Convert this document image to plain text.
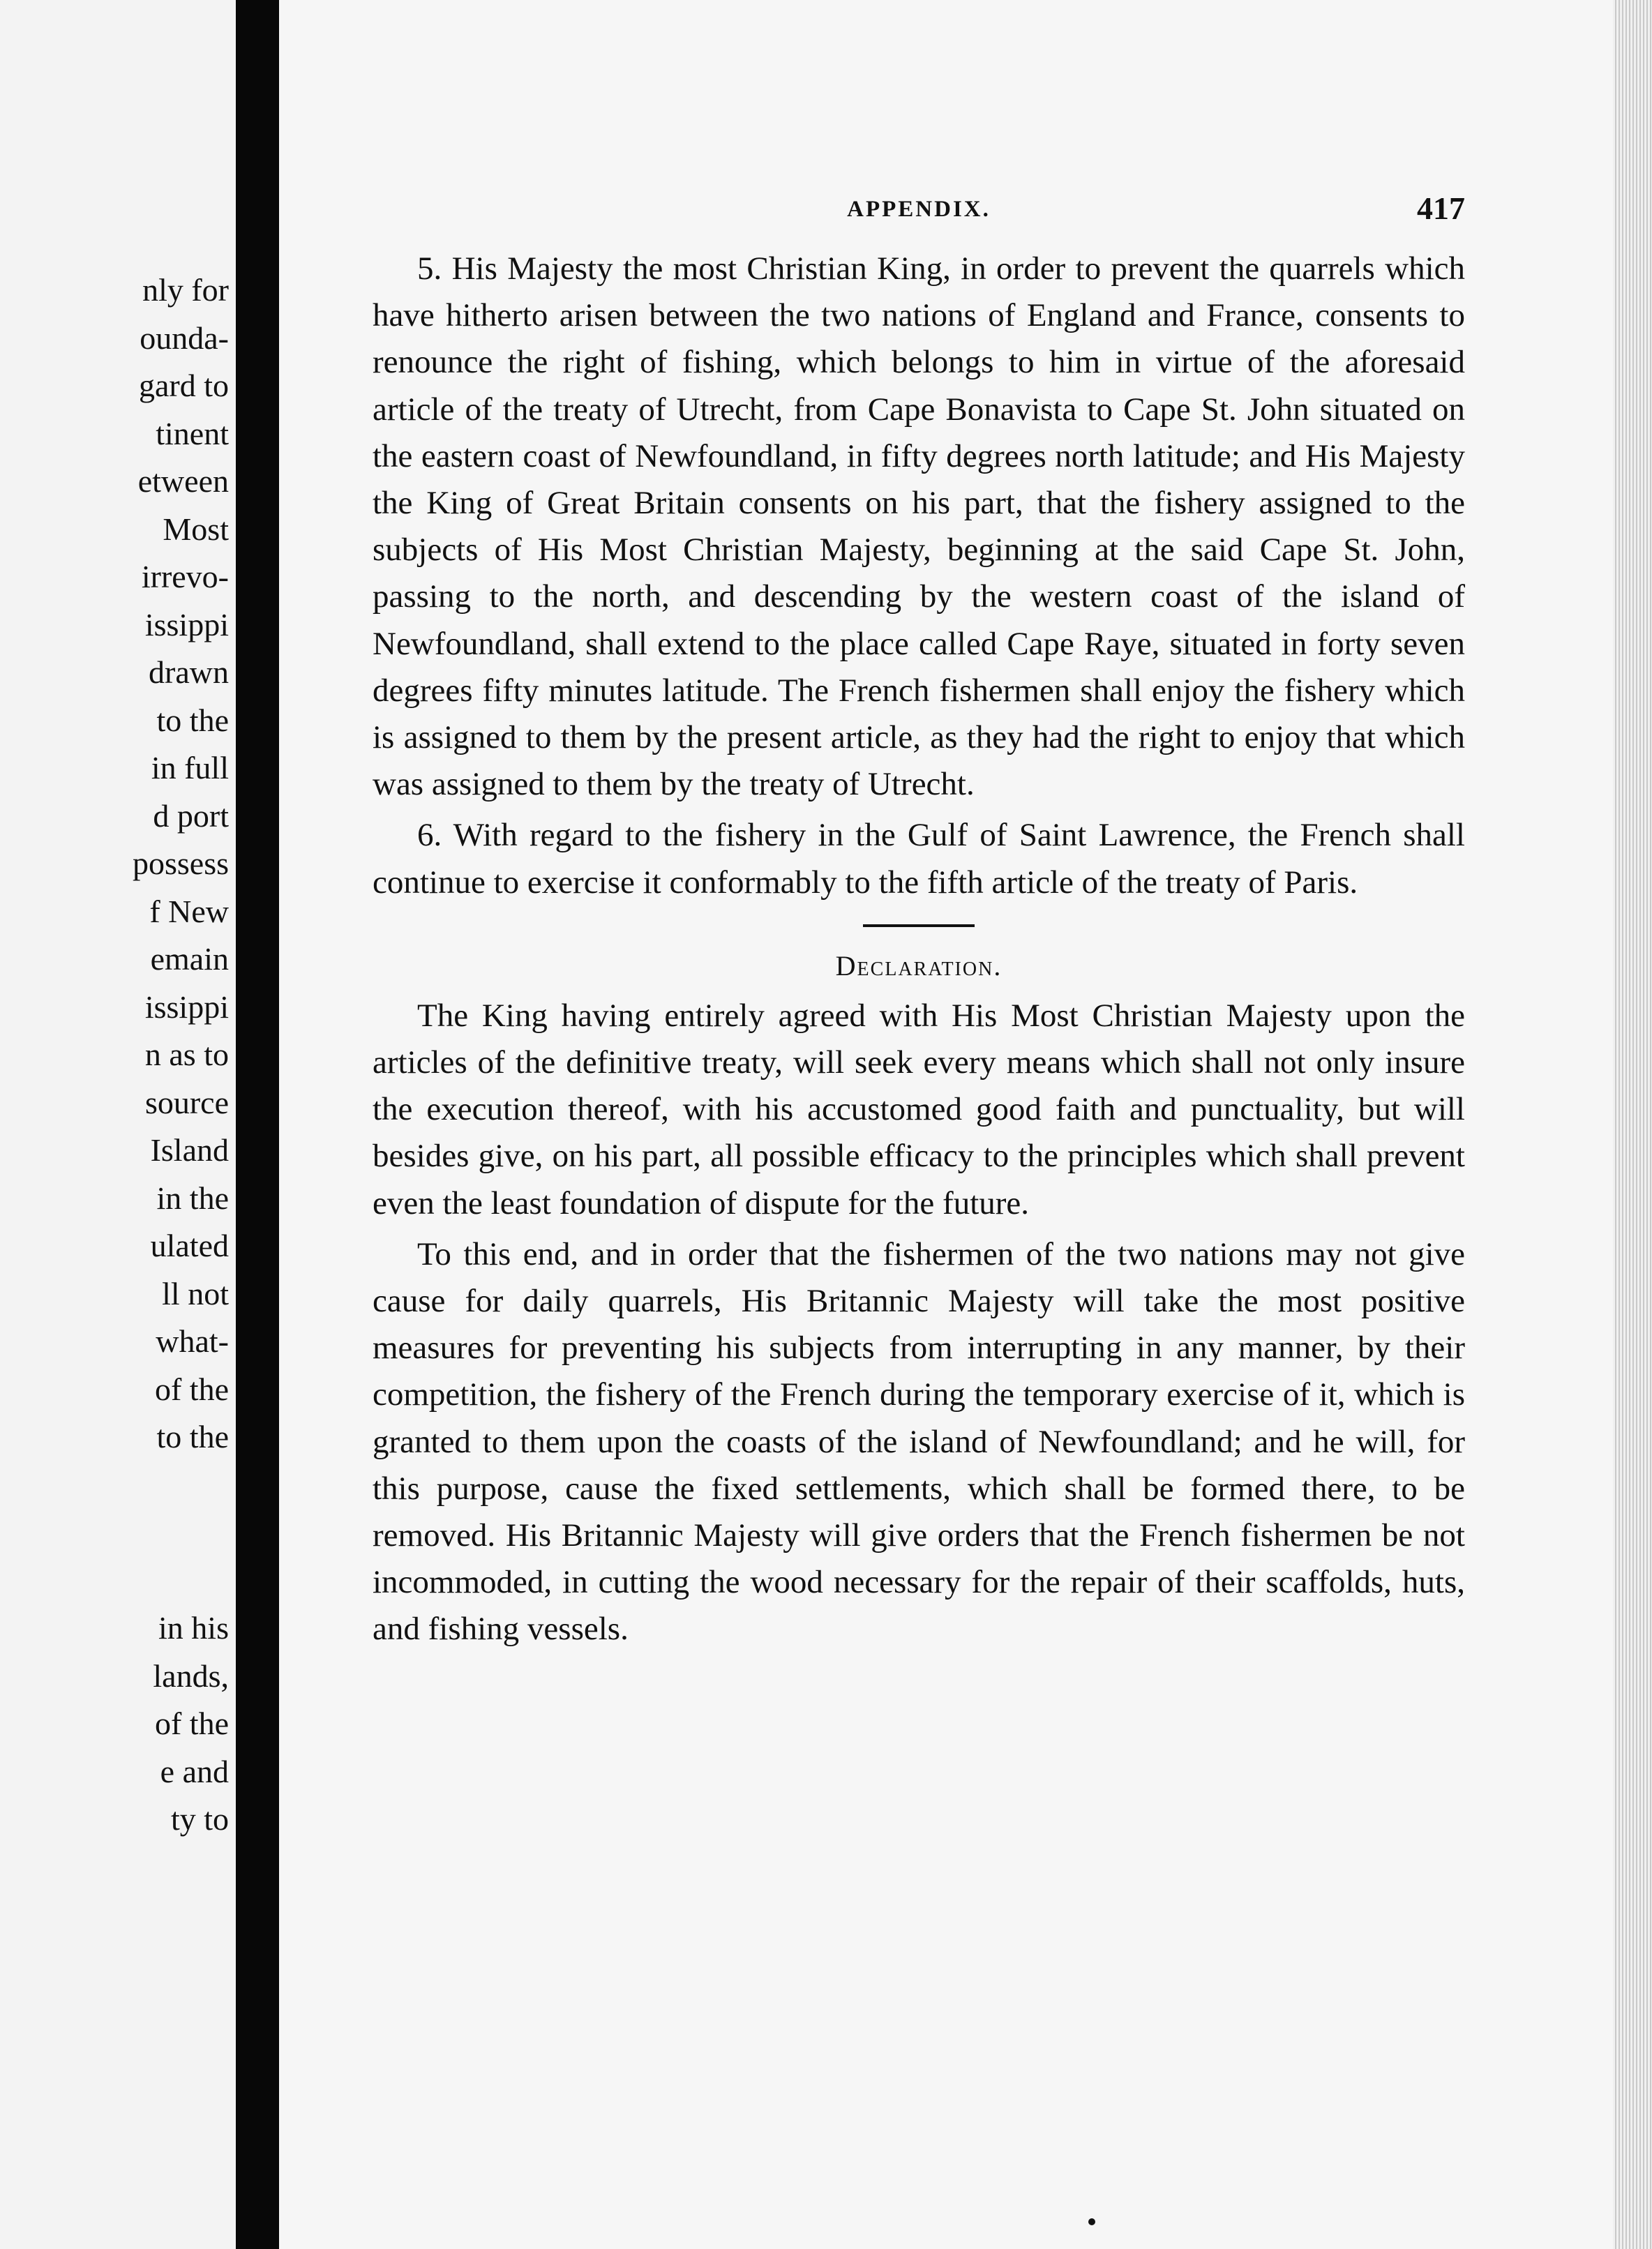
nly for
ounda-
gard to
tinent
etween
Most
irrevo-
issippi
drawn
to the
in full
d port
possess
f New
emain
issippi
n as to
source
Island
in the
ulated
ll not
what-
of the
to the
in his
lands,
of the
e and
ty to
APPENDIX.	417

5. His Majesty the most Christian King, in order to prevent the quarrels which have hitherto arisen between the two nations of England and France, consents to renounce the right of fishing, which belongs to him in virtue of the aforesaid article of the treaty of Utrecht, from Cape Bonavista to Cape St. John situated on the eastern coast of Newfoundland, in fifty degrees north latitude; and His Majesty the King of Great Britain consents on his part, that the fishery assigned to the subjects of His Most Christian Majesty, beginning at the said Cape St. John, passing to the north, and descending by the western coast of the island of Newfoundland, shall extend to the place called Cape Raye, situated in forty seven degrees fifty minutes latitude. The French fishermen shall enjoy the fishery which is assigned to them by the present article, as they had the right to enjoy that which was assigned to them by the treaty of Utrecht.

6. With regard to the fishery in the Gulf of Saint Lawrence, the French shall continue to exercise it conformably to the fifth article of the treaty of Paris.

Declaration.

The King having entirely agreed with His Most Christian Majesty upon the articles of the definitive treaty, will seek every means which shall not only insure the execution thereof, with his accustomed good faith and punctuality, but will besides give, on his part, all possible efficacy to the principles which shall prevent even the least foundation of dispute for the future.

To this end, and in order that the fishermen of the two nations may not give cause for daily quarrels, His Britannic Majesty will take the most positive measures for preventing his subjects from interrupting in any manner, by their competition, the fishery of the French during the temporary exercise of it, which is granted to them upon the coasts of the island of Newfoundland; and he will, for this purpose, cause the fixed settlements, which shall be formed there, to be removed. His Britannic Majesty will give orders that the French fishermen be not incommoded, in cutting the wood necessary for the repair of their scaffolds, huts, and fishing vessels.
